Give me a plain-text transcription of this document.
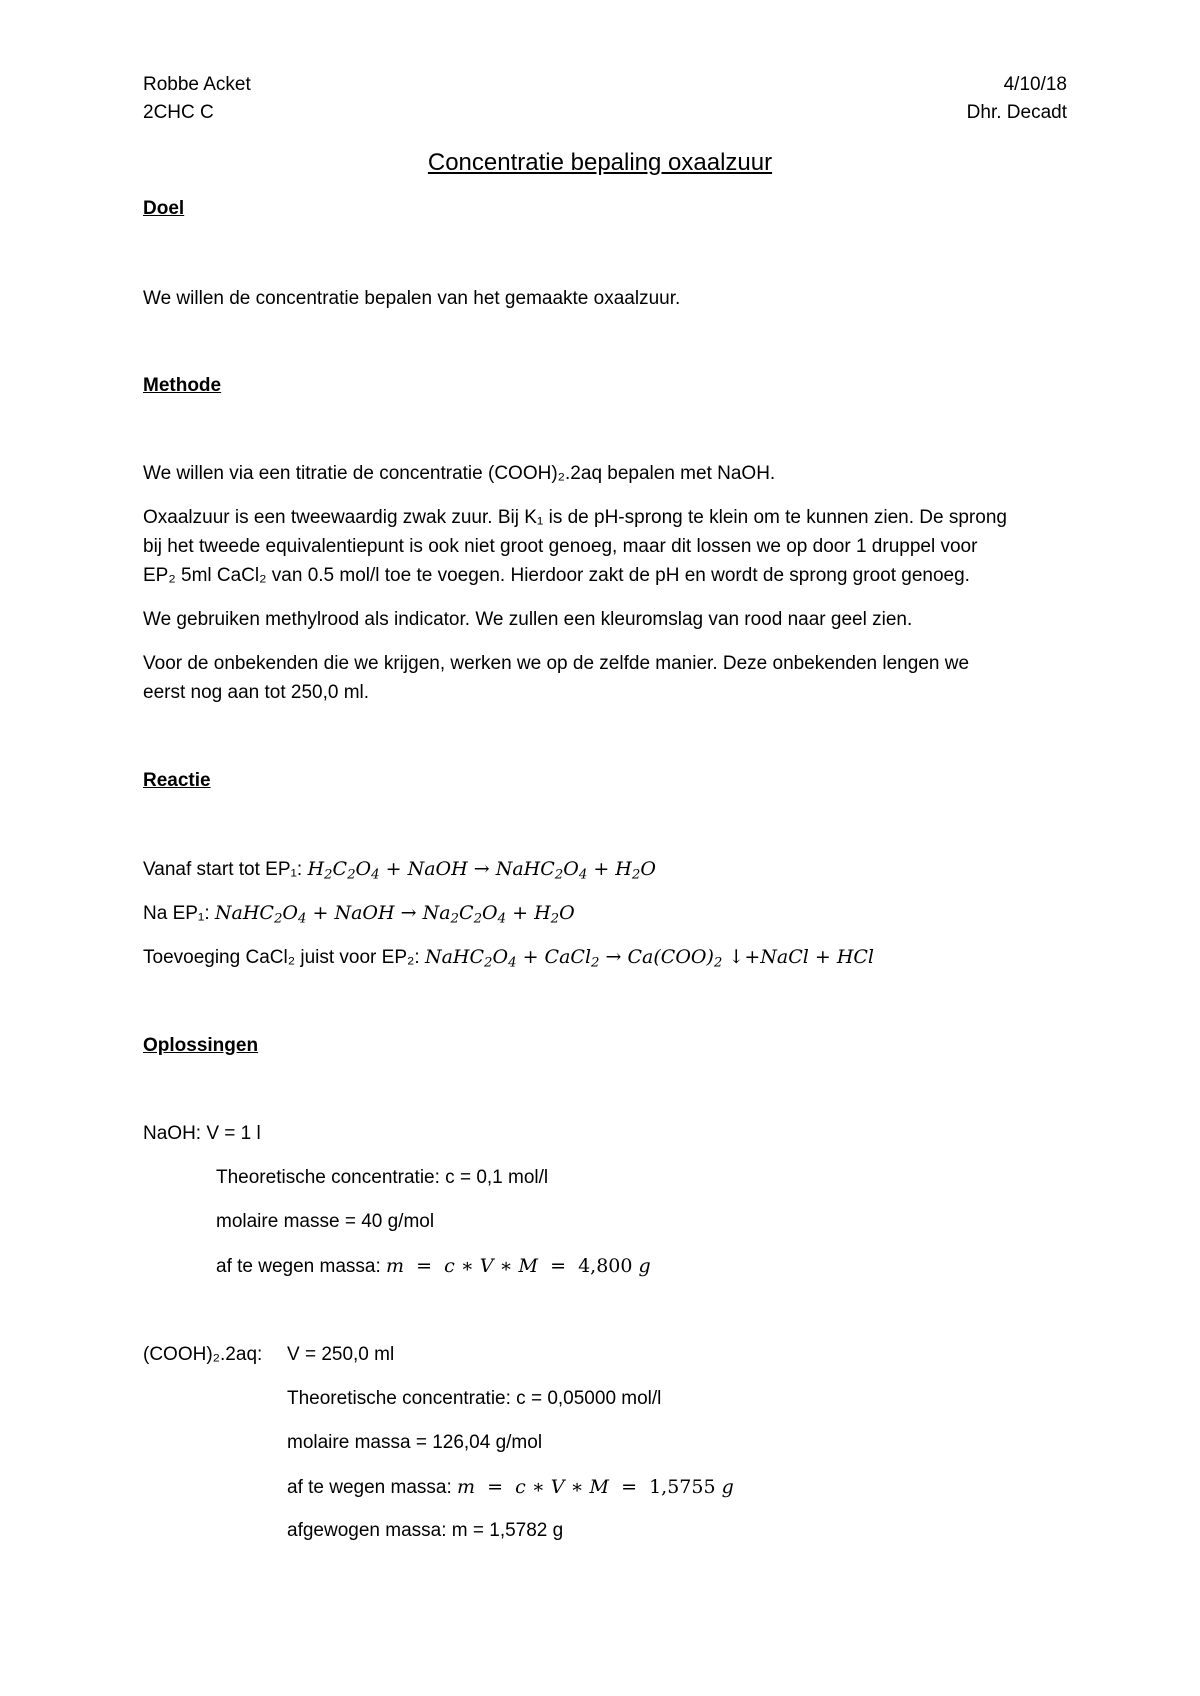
Robbe Acket	4/10/18
2CHC C	Dhr. Decadt
Concentratie bepaling oxaalzuur
Doel
We willen de concentratie bepalen van het gemaakte oxaalzuur.
Methode
We willen via een titratie de concentratie (COOH)₂.2aq bepalen met NaOH.
Oxaalzuur is een tweewaardig zwak zuur. Bij K₁ is de pH-sprong te klein om te kunnen zien. De sprong
bij het tweede equivalentiepunt is ook niet groot genoeg, maar dit lossen we op door 1 druppel voor
EP₂ 5ml CaCl₂ van 0.5 mol/l toe te voegen. Hierdoor zakt de pH en wordt de sprong groot genoeg.
We gebruiken methylrood als indicator. We zullen een kleuromslag van rood naar geel zien.
Voor de onbekenden die we krijgen, werken we op de zelfde manier. Deze onbekenden lengen we
eerst nog aan tot 250,0 ml.
Reactie
Vanaf start tot EP₁: $H_2C_2O_4$ + NaOH → $NaHC_2O_4 + H_2O$
Na EP₁: $NaHC_2O_4$ + NaOH → $Na_2C_2O_4 + H_2O$
Toevoeging CaCl₂ juist voor EP₂: $NaHC_2O_4$ + CaCl$_2$ → $Ca(COO)_2$ ↓+NaCl + HCl
Oplossingen
NaOH: V = 1 l
Theoretische concentratie: c = 0,1 mol/l
molaire masse = 40 g/mol
af te wegen massa: m  =  c ∗ V ∗ M  =  4,800 g
(COOH)₂.2aq: V = 250,0 ml
Theoretische concentratie: c = 0,05000 mol/l
molaire massa = 126,04 g/mol
af te wegen massa: m  =  c ∗ V ∗ M  =  1,5755 g
afgewogen massa: m = 1,5782 g
